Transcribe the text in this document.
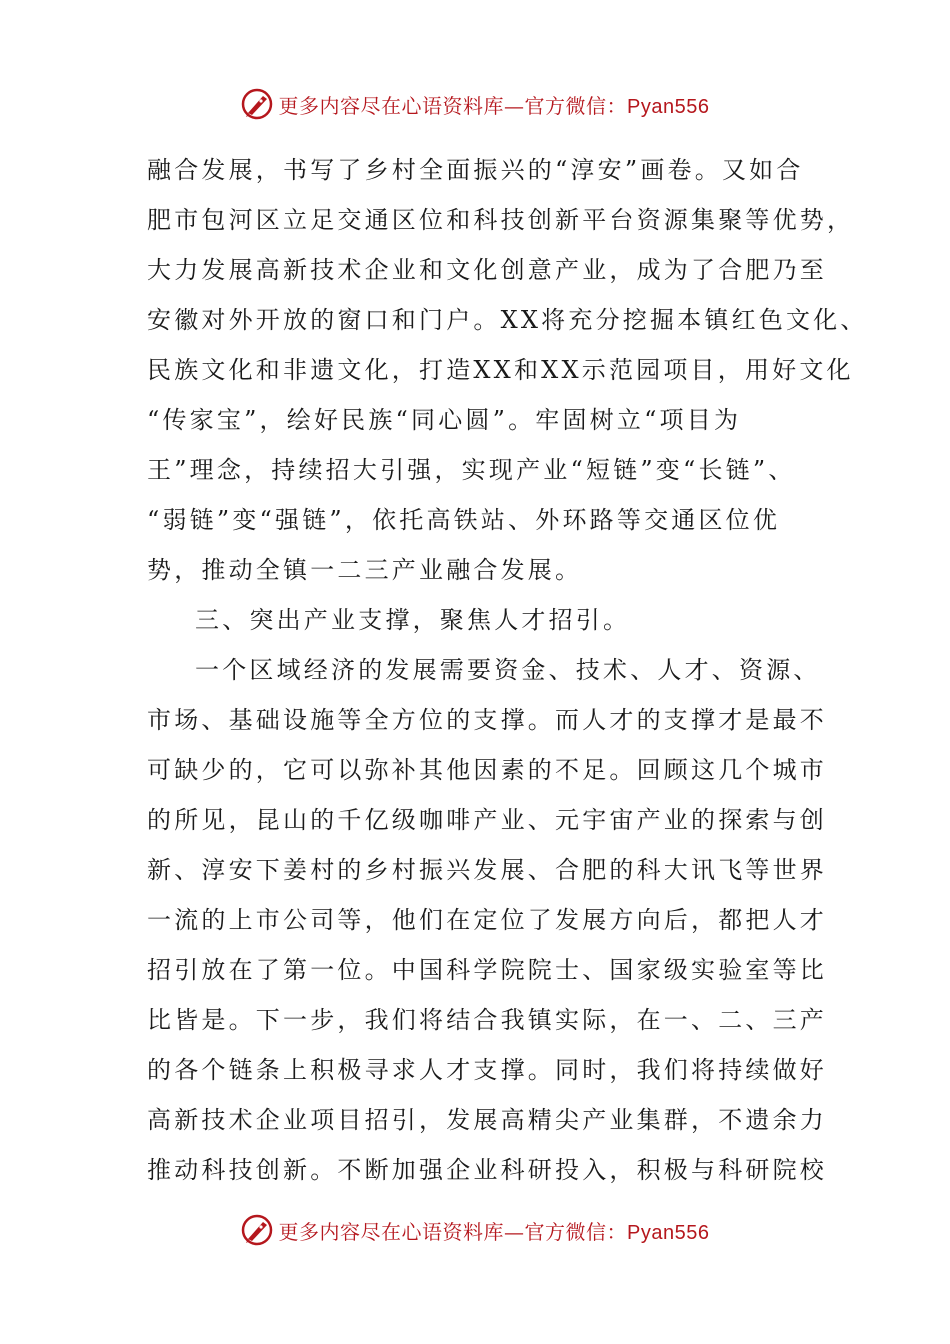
更多内容尽在心语资料库—官方微信：Pyan556
融合发展，书写了乡村全面振兴的“淳安”画卷。又如合
肥市包河区立足交通区位和科技创新平台资源集聚等优势，
大力发展高新技术企业和文化创意产业，成为了合肥乃至
安徽对外开放的窗口和门户。XX将充分挖掘本镇红色文化、
民族文化和非遗文化，打造XX和XX示范园项目，用好文化
“传家宝”，绘好民族“同心圆”。牢固树立“项目为
王”理念，持续招大引强，实现产业“短链”变“长链”、
“弱链”变“强链”，依托高铁站、外环路等交通区位优
势，推动全镇一二三产业融合发展。
三、突出产业支撑，聚焦人才招引。
一个区域经济的发展需要资金、技术、人才、资源、
市场、基础设施等全方位的支撑。而人才的支撑才是最不
可缺少的，它可以弥补其他因素的不足。回顾这几个城市
的所见，昆山的千亿级咖啡产业、元宇宙产业的探索与创
新、淳安下姜村的乡村振兴发展、合肥的科大讯飞等世界
一流的上市公司等，他们在定位了发展方向后，都把人才
招引放在了第一位。中国科学院院士、国家级实验室等比
比皆是。下一步，我们将结合我镇实际，在一、二、三产
的各个链条上积极寻求人才支撑。同时，我们将持续做好
高新技术企业项目招引，发展高精尖产业集群，不遗余力
推动科技创新。不断加强企业科研投入，积极与科研院校
更多内容尽在心语资料库—官方微信：Pyan556
